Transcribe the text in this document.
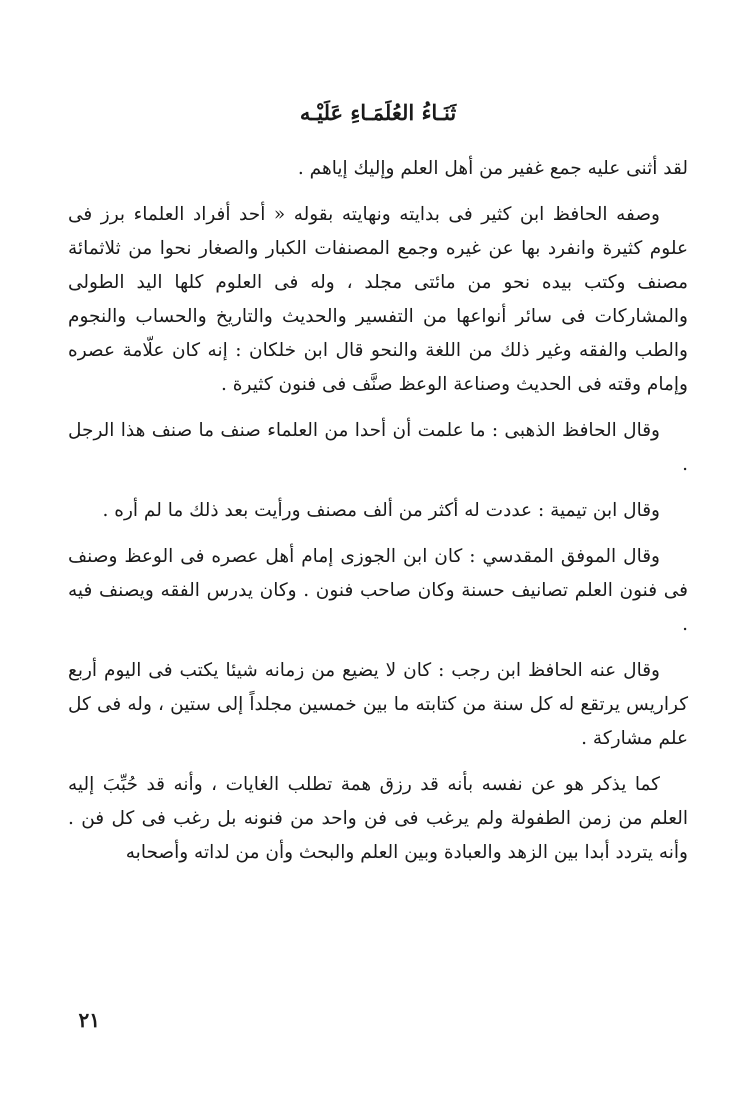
ثَنَـاءُ العُلَمَـاءِ عَلَيْـه

لقد أثنى عليه جمع غفير من أهل العلم وإليك إياهم .

وصفه الحافظ ابن كثير فى بدايته ونهايته بقوله « أحد أفراد العلماء برز فى علوم كثيرة وانفرد بها عن غيره وجمع المصنفات الكبار والصغار نحوا من ثلاثمائة مصنف وكتب بيده نحو من مائتى مجلد ، وله فى العلوم كلها اليد الطولى والمشاركات فى سائر أنواعها من التفسير والحديث والتاريخ والحساب والنجوم والطب والفقه وغير ذلك من اللغة والنحو قال ابن خلكان : إنه كان علّامة عصره وإمام وقته فى الحديث وصناعة الوعظ صنَّف فى فنون كثيرة .

وقال الحافظ الذهبى : ما علمت أن أحدا من العلماء صنف ما صنف هذا الرجل .

وقال ابن تيمية : عددت له أكثر من ألف مصنف ورأيت بعد ذلك ما لم أره .

وقال الموفق المقدسي : كان ابن الجوزى إمام أهل عصره فى الوعظ وصنف فى فنون العلم تصانيف حسنة وكان صاحب فنون . وكان يدرس الفقه ويصنف فيه .

وقال عنه الحافظ ابن رجب : كان لا يضيع من زمانه شيئا يكتب فى اليوم أربع كراريس يرتقع له كل سنة من كتابته ما بين خمسين مجلداً إلى ستين ، وله فى كل علم مشاركة .

كما يذكر هو عن نفسه بأنه قد رزق همة تطلب الغايات ، وأنه قد حُبِّبَ إليه العلم من زمن الطفولة ولم يرغب فى فن واحد من فنونه بل رغب فى كل فن . وأنه يتردد أبدا بين الزهد والعبادة وبين العلم والبحث وأن من لداته وأصحابه

٢١
